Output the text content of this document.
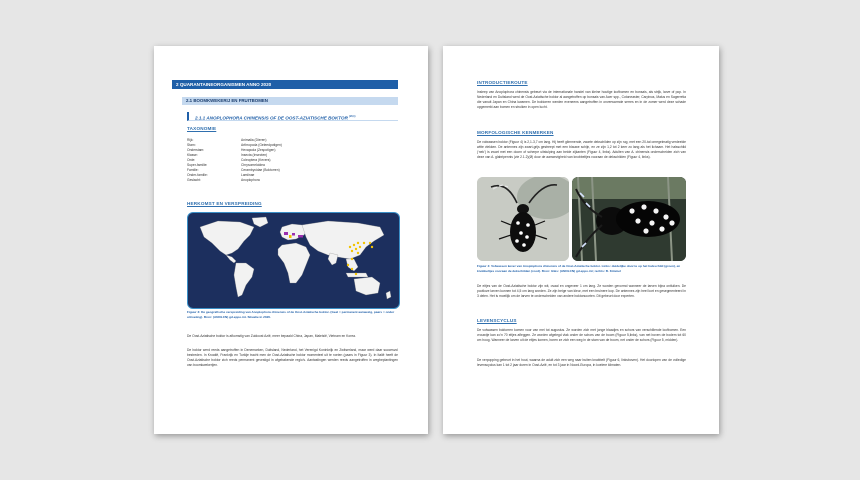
2 QUARANTAINEORGANISMEN ANNO 2020
2.1 BOOMKWEKERIJ EN FRUITBOMEN
2.1.1 ANOPLOPHORA CHINENSIS OF DE OOST-AZIATISCHE BOKTOR $^{(20,1)}$
TAXONOMIE
Rijk:	Animalia (Dieren)
Stam:	Arthropoda (Geleedpotigen)
Onderstam:	Hexapoda (Zespotigen)
Klasse:	Insecta (Insecten)
Orde:	Coleoptera (Kevers)
Super-familie:	Chrysomeloidea
Familie:	Cerambycidae (Boktorren)
Onder-familie:	Lamiinae
Geslacht:	Anoplophora
HERKOMST EN VERSPREIDING
Figuur 3: De geografische verspreiding van Anoplophora chinensis of de Oost-Aziatische boktor. (Geel = permanent aanwezig, paars = onder uitroeiing). Bron: (ANOLCN) gd.eppo.int. Situatie in 2020.
De Oost-Aziatische boktor is afkomstig van Zuidoost Azië, meer bepaald China, Japan, Maleisië, Vietnam en Korea.
De boktor werd reeds aangetroffen in Denemarken, Duitsland, Nederland, het Verenigd Koninkrijk en Zwitserland, maar werd daar succesvol bestreden. In Kroatië, Frankrijk en Turkije tracht men de Oost-Aziatische boktor momenteel uit te roeien (paars in Figuur 3). In Italië heeft de Oost-Aziatische boktor zich reeds permanent gevestigd in afgebakende regio’s. Aantastingen werden reeds aangetroffen in wegbeplantingen van boomkwekerijen.
INTRODUCTIEROUTE
Insleep van Anoplophora chinensis gebeurt via de internationale handel van kleine houtige loofbomen en bonsais, als strijk, larve of pop. In Nederland en Duitsland werd de Oost-Aziatische boktor al aangetroffen op bonsais van Acer spp., Cotoneaster, Carpinus, Malus en Sagerretia die vanuit Japan en China kwamen. De boktorren werden eveneens aangetroffen in onverwarmde serres en in de zomer werd deze schade opgemerkt aan bomen en struiken in open lucht.
MORFOLOGISCHE KENMERKEN
De volwassen boktor (Figuur 4) is 2,1-3,7 cm lang. Hij heeft glimmende, zwarte dekschilden op zijn rug, met een 20-tal onregelmatig verdeelde witte vlekken. De antennes zijn zwart-grijs gestreept met een blauwe schijn, en ze zijn 1,2 tot 2 keer zo lang als het lichaam. Het halsschild (‘nek’) is zwart met een doorn of scherpe uitstulping aan beide zijkanten (Figuur 4, links). Adulten van A. chinensis onderscheiden zich van deze van A. glabripennis (zie 2.1.2)(Ø) door de aanwezigheid van knobbeltjes vooraan de dekschilden (Figuur 4, links).
Figuur 4: Volwassen kever van Anoplophora chinensis of de Oost-Aziatische boktor. Links: duidelijke doorns op het halsschild (groen), en knobbeltjes vooraan de dekschilden (rood). Bron: links: (ANOLCN) gd.eppo.int; rechts: B. Kimmel
De eitjes van de Oost-Aziatische boktor zijn wit, ovaal en ongeveer 1 cm lang. Ze worden gevormd wanneer de larven bijna ontluiken. De pootloze larven kunnen tot 4,5 cm lang worden. Ze zijn beige van kleur, met een bruinere kop. De antennes zijn heel kort en gesegmenteerd in 3 delen. Het is moeilijk om de larven te onderscheiden van andere boktorsoorten. Dit gebeurt door experten.
LEVENSCYCLUS
De volwassen boktorren komen voor van mei tot augustus. Ze worden zich met jonge blaadjes en schors van verschillende loofbomen. Een vrouwtje kan zo’n 70 eitjes afleggen. Ze worden afgelegd vlak onder de schors van de boom (Figuur 5,links), van net boven de bodem tot 60 cm hoog. Wanneer de larven uit de eitjes komen, boren ze zich een weg in de stam van de boom, net onder de schors (Figuur 5, midden).
De verpopping gebeurt in het hout, waarna de adult zich een weg naar buiten knabbelt (Figuur 6, linksboven). Het doorlopen van de volledige levenscyclus kan 1 tot 2 jaar duren in Oost-Azië, en tot 3 jaar in Noord-Europa, in koelere klimaten.
